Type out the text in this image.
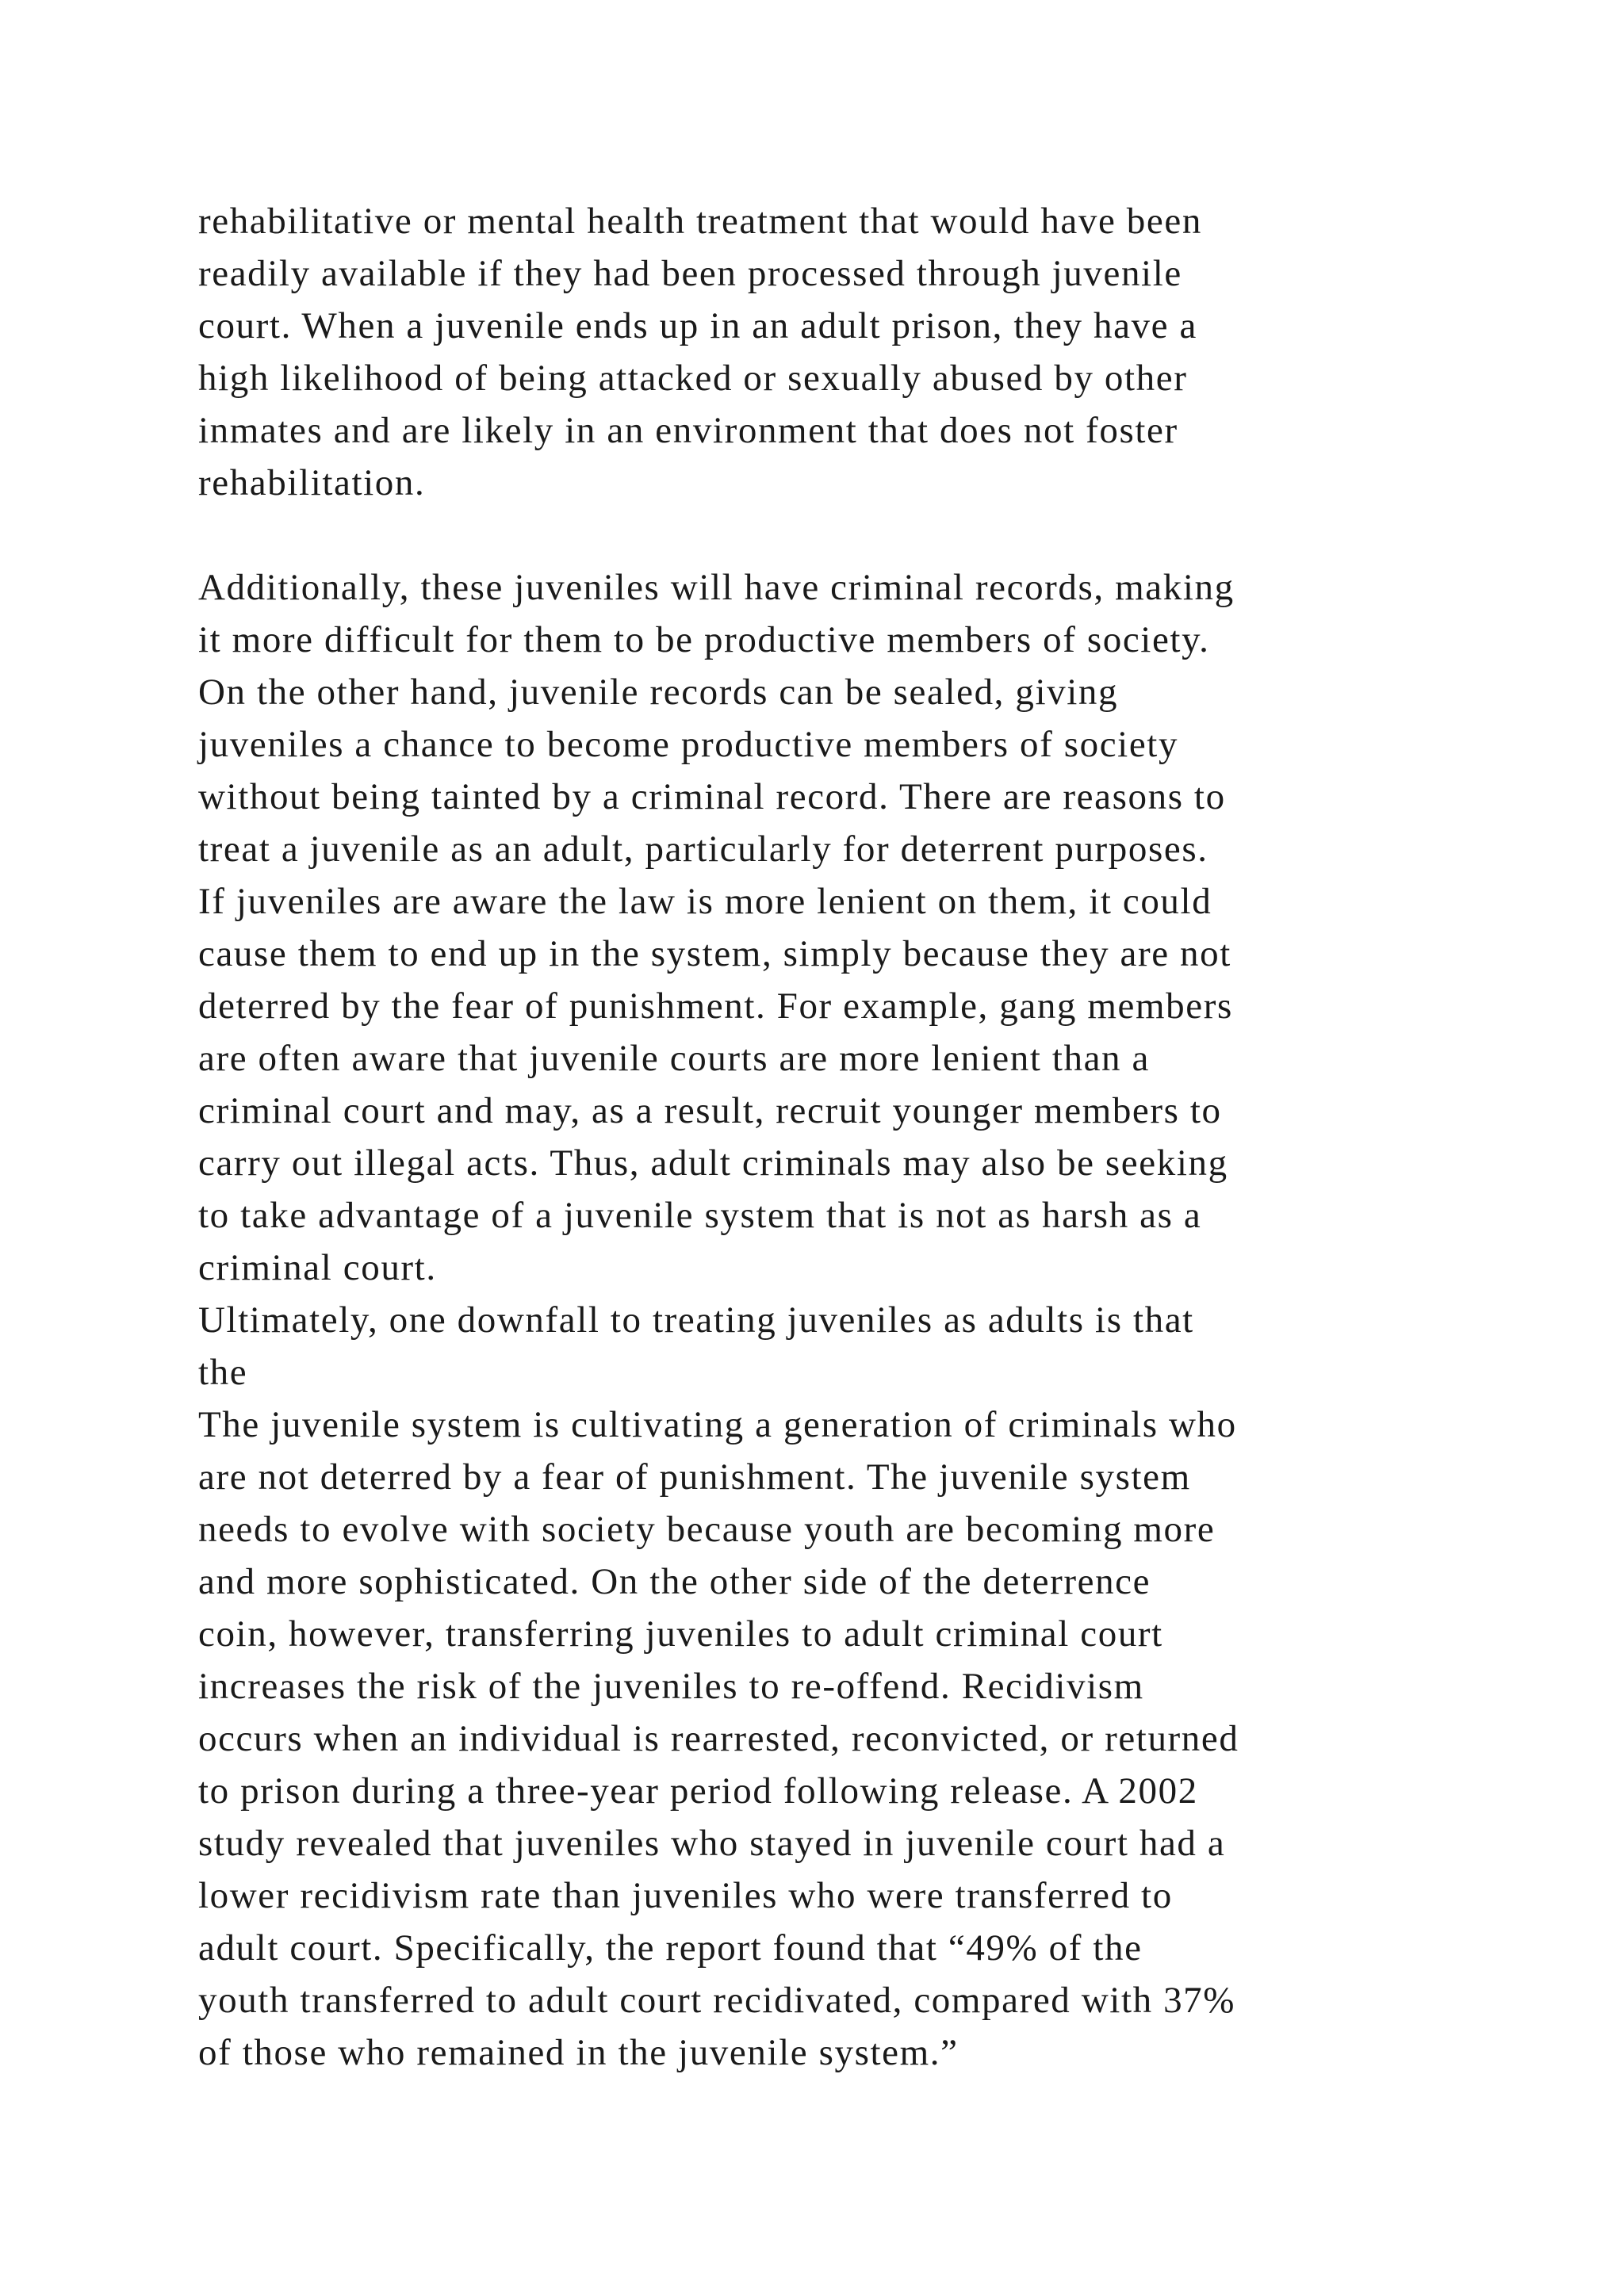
rehabilitative or mental health treatment that would have been
readily available if they had been processed through juvenile
court. When a juvenile ends up in an adult prison, they have a
high likelihood of being attacked or sexually abused by other
inmates and are likely in an environment that does not foster
rehabilitation.
Additionally, these juveniles will have criminal records, making
it more difficult for them to be productive members of society.
On the other hand, juvenile records can be sealed, giving
juveniles a chance to become productive members of society
without being tainted by a criminal record. There are reasons to
treat a juvenile as an adult, particularly for deterrent purposes.
If juveniles are aware the law is more lenient on them, it could
cause them to end up in the system, simply because they are not
deterred by the fear of punishment. For example, gang members
are often aware that juvenile courts are more lenient than a
criminal court and may, as a result, recruit younger members to
carry out illegal acts. Thus, adult criminals may also be seeking
to take advantage of a juvenile system that is not as harsh as a
criminal court.
Ultimately, one downfall to treating juveniles as adults is that
the
The juvenile system is cultivating a generation of criminals who
are not deterred by a fear of punishment. The juvenile system
needs to evolve with society because youth are becoming more
and more sophisticated. On the other side of the deterrence
coin, however, transferring juveniles to adult criminal court
increases the risk of the juveniles to re-offend. Recidivism
occurs when an individual is rearrested, reconvicted, or returned
to prison during a three-year period following release. A 2002
study revealed that juveniles who stayed in juvenile court had a
lower recidivism rate than juveniles who were transferred to
adult court. Specifically, the report found that “49% of the
youth transferred to adult court recidivated, compared with 37%
of those who remained in the juvenile system.”
